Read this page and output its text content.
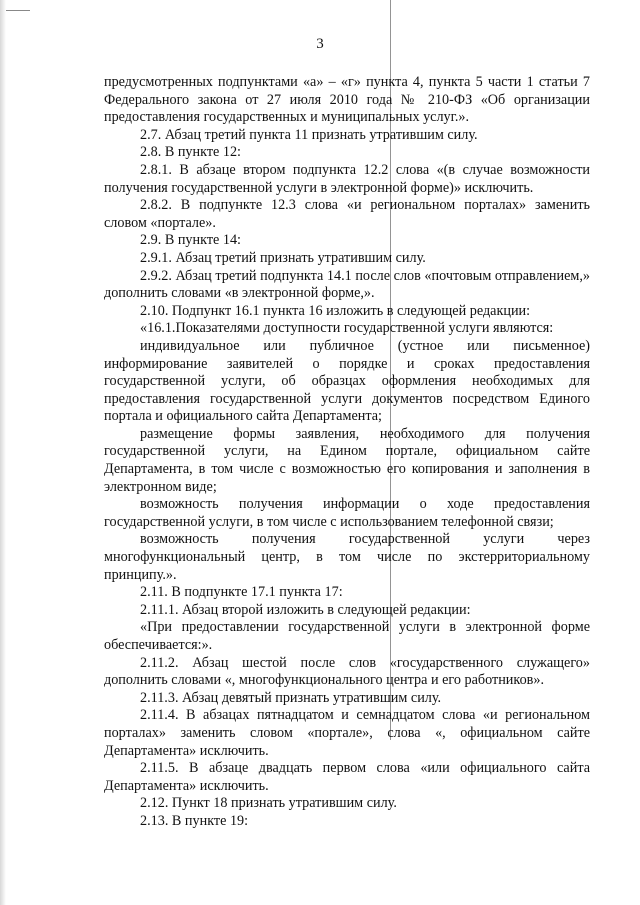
3

предусмотренных подпунктами «а» – «г» пункта 4, пункта 5 части 1 статьи 7 Федерального закона от 27 июля 2010 года № 210-ФЗ «Об организации предоставления государственных и муниципальных услуг.».

2.7. Абзац третий пункта 11 признать утратившим силу.

2.8. В пункте 12:

2.8.1. В абзаце втором подпункта 12.2 слова «(в случае возможности получения государственной услуги в электронной форме)» исключить.

2.8.2. В подпункте 12.3 слова «и региональном порталах» заменить словом «портале».

2.9. В пункте 14:

2.9.1. Абзац третий признать утратившим силу.

2.9.2. Абзац третий подпункта 14.1 после слов «почтовым отправлением,» дополнить словами «в электронной форме,».

2.10. Подпункт 16.1 пункта 16 изложить в следующей редакции:

«16.1.Показателями доступности государственной услуги являются:

индивидуальное или публичное (устное или письменное) информирование заявителей о порядке и сроках предоставления государственной услуги, об образцах оформления необходимых для предоставления государственной услуги документов посредством Единого портала и официального сайта Департамента;

размещение формы заявления, необходимого для получения государственной услуги, на Едином портале, официальном сайте Департамента, в том числе с возможностью его копирования и заполнения в электронном виде;

возможность получения информации о ходе предоставления государственной услуги, в том числе с использованием телефонной связи;

возможность получения государственной услуги через многофункциональный центр, в том числе по экстерриториальному принципу.».

2.11. В подпункте 17.1 пункта 17:

2.11.1. Абзац второй изложить в следующей редакции:

«При предоставлении государственной услуги в электронной форме обеспечивается:».

2.11.2. Абзац шестой после слов «государственного служащего» дополнить словами «, многофункционального центра и его работников».

2.11.3. Абзац девятый признать утратившим силу.

2.11.4. В абзацах пятнадцатом и семнадцатом слова «и региональном порталах» заменить словом «портале», слова «, официальном сайте Департамента» исключить.

2.11.5. В абзаце двадцать первом слова «или официального сайта Департамента» исключить.

2.12. Пункт 18 признать утратившим силу.

2.13. В пункте 19:
